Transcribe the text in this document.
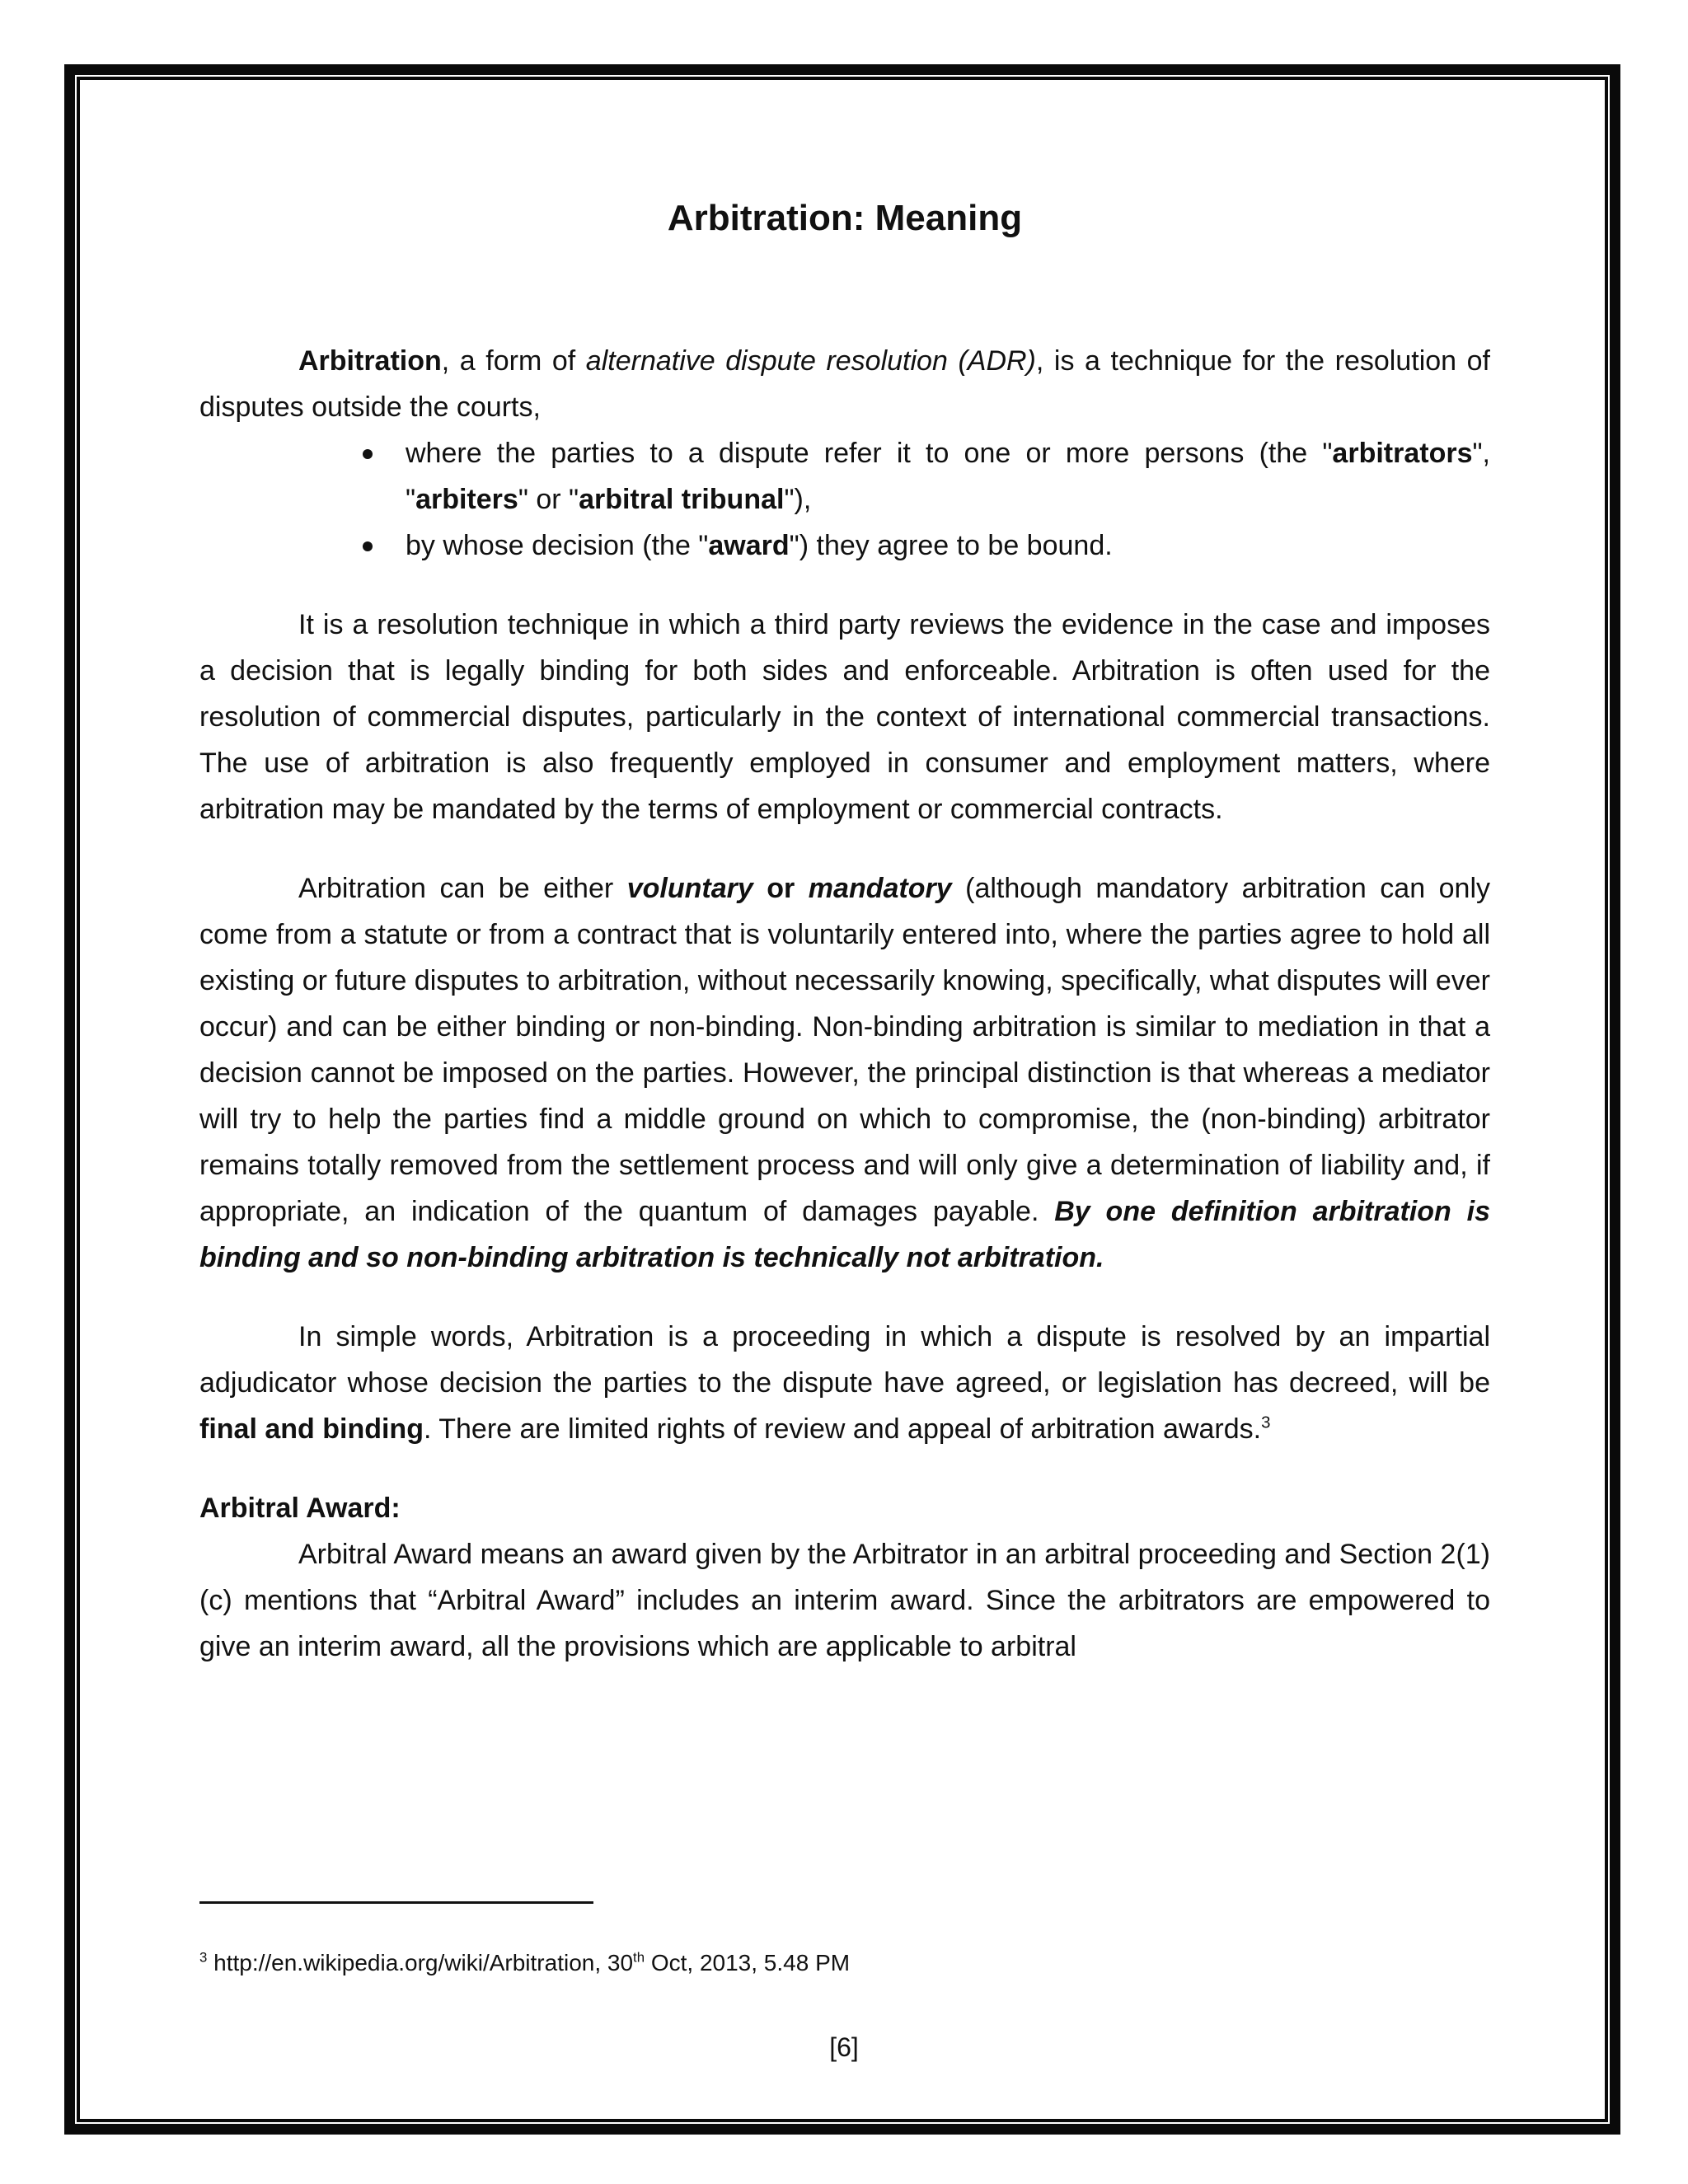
Arbitration: Meaning

Arbitration, a form of alternative dispute resolution (ADR), is a technique for the resolution of disputes outside the courts,

where the parties to a dispute refer it to one or more persons (the "arbitrators", "arbiters" or "arbitral tribunal"),
by whose decision (the "award") they agree to be bound.

It is a resolution technique in which a third party reviews the evidence in the case and imposes a decision that is legally binding for both sides and enforceable. Arbitration is often used for the resolution of commercial disputes, particularly in the context of international commercial transactions. The use of arbitration is also frequently employed in consumer and employment matters, where arbitration may be mandated by the terms of employment or commercial contracts.

Arbitration can be either voluntary or mandatory (although mandatory arbitration can only come from a statute or from a contract that is voluntarily entered into, where the parties agree to hold all existing or future disputes to arbitration, without necessarily knowing, specifically, what disputes will ever occur) and can be either binding or non-binding. Non-binding arbitration is similar to mediation in that a decision cannot be imposed on the parties. However, the principal distinction is that whereas a mediator will try to help the parties find a middle ground on which to compromise, the (non-binding) arbitrator remains totally removed from the settlement process and will only give a determination of liability and, if appropriate, an indication of the quantum of damages payable. By one definition arbitration is binding and so non-binding arbitration is technically not arbitration.

In simple words, Arbitration is a proceeding in which a dispute is resolved by an impartial adjudicator whose decision the parties to the dispute have agreed, or legislation has decreed, will be final and binding. There are limited rights of review and appeal of arbitration awards.$^3$

Arbitral Award:

Arbitral Award means an award given by the Arbitrator in an arbitral proceeding and Section 2(1)(c) mentions that “Arbitral Award” includes an interim award. Since the arbitrators are empowered to give an interim award, all the provisions which are applicable to arbitral

$^3$ http://en.wikipedia.org/wiki/Arbitration, 30th Oct, 2013, 5.48 PM
[6]
